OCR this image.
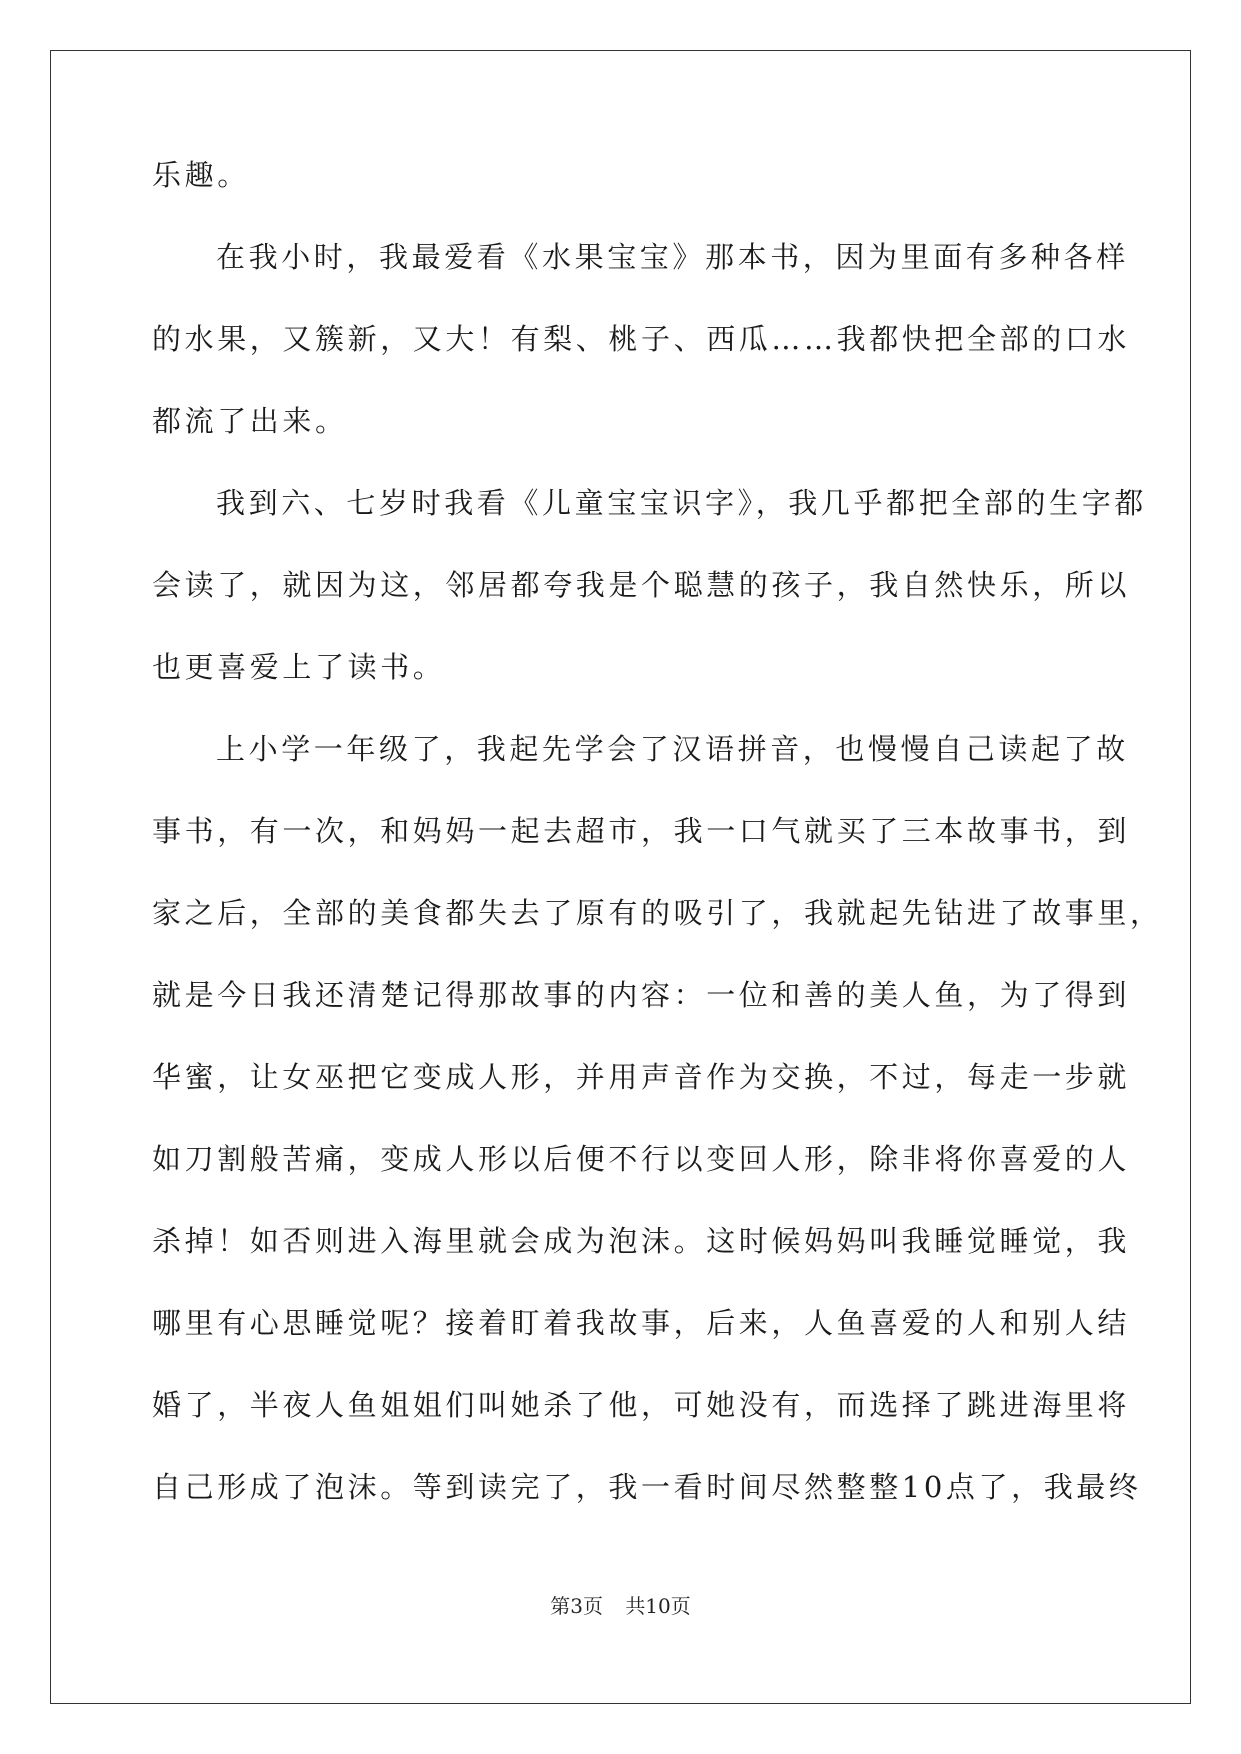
乐趣。
在我小时，我最爱看《水果宝宝》那本书，因为里面有多种各样
的水果，又簇新，又大！有梨、桃子、西瓜……我都快把全部的口水
都流了出来。
我到六、七岁时我看《儿童宝宝识字》，我几乎都把全部的生字都
会读了，就因为这，邻居都夸我是个聪慧的孩子，我自然快乐，所以
也更喜爱上了读书。
上小学一年级了，我起先学会了汉语拼音，也慢慢自己读起了故
事书，有一次，和妈妈一起去超市，我一口气就买了三本故事书，到
家之后，全部的美食都失去了原有的吸引了，我就起先钻进了故事里，
就是今日我还清楚记得那故事的内容：一位和善的美人鱼，为了得到
华蜜，让女巫把它变成人形，并用声音作为交换，不过，每走一步就
如刀割般苦痛，变成人形以后便不行以变回人形，除非将你喜爱的人
杀掉！如否则进入海里就会成为泡沫。这时候妈妈叫我睡觉睡觉，我
哪里有心思睡觉呢？接着盯着我故事，后来，人鱼喜爱的人和别人结
婚了，半夜人鱼姐姐们叫她杀了他，可她没有，而选择了跳进海里将
自己形成了泡沫。等到读完了，我一看时间尽然整整10点了，我最终
第3页 共10页
